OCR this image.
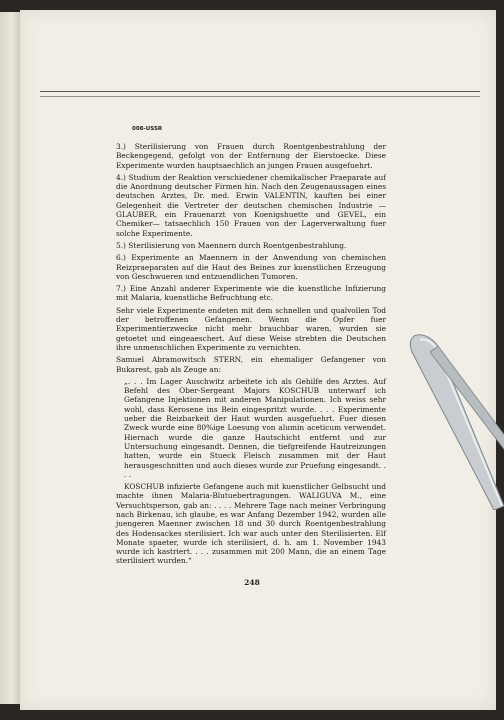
008-USSR

3.) Sterilisierung von Frauen durch Roentgenbestrahlung der Beckengegend, gefolgt von der Entfernung der Eierstoecke. Diese Experimente wurden hauptsaechlich an jungen Frauen ausgefuehrt.

4.) Studium der Reaktion verschiedener chemikalischer Praeparate auf die Anordnung deutscher Firmen hin. Nach den Zeugenaussagen eines deutschen Arztes, Dr. med. Erwin VALENTIN, kauften bei einer Gelegenheit die Vertreter der deutschen chemischen Industrie —GLAUBER, ein Frauenarzt von Koenigshuette und GEVEL, ein Chemiker— tatsaechlich 150 Frauen von der Lagerverwaltung fuer solche Experimente.

5.) Sterilisierung von Maennern durch Roentgenbestrahlung.

6.) Experimente an Maennern in der Anwendung von chemischen Reizpraeparaten auf die Haut des Beines zur kuenstlichen Erzeugung von Geschwueren und entzuendlichen Tumoren.

7.) Eine Anzahl anderer Experimente wie die kuenstliche Infizierung mit Malaria, kuenstliche Befruchtung etc.

Sehr viele Experimente endeten mit dem schnellen und qualvollen Tod der betroffenen Gefangenen. Wenn die Opfer fuer Experimentierzwecke nicht mehr brauchbar waren, wurden sie getoetet und eingeaeschert. Auf diese Weise strebten die Deutschen ihre unmenschlichen Experimente zu vernichten.

Samuel Abramowitsch STERN, ein ehemaliger Gefangener von Bukarest, gab als Zeuge an:

„. . . Im Lager Auschwitz arbeitete ich als Gehilfe des Arztes. Auf Befehl des Ober-Sergeant Majors KOSCHUB unterwarf ich Gefangene Injektionen mit anderen Manipulationen. Ich weiss sehr wohl, dass Kerosene ins Bein eingespritzt wurde. . . . Experimente ueber die Reizbarkeit der Haut wurden ausgefuehrt. Fuer diesen Zweck wurde eine 80%ige Loesung von alumin aceticum verwendet. Hiernach wurde die ganze Hautschicht entfernt und zur Untersuchung eingesandt. Dennen, die tiefgreifende Hautreizungen hatten, wurde ein Stueck Fleisch zusammen mit der Haut herausgeschnitten und auch dieses wurde zur Pruefung eingesandt. . . .

KOSCHUB infizierte Gefangene auch mit kuenstlicher Gelbsucht und machte ihnen Malaria-Blutuebertragungen. WALIGUVA M., eine Versuchtsperson, gab an: . . . . Mehrere Tage nach meiner Verbringung nach Birkenau, ich glaube, es war Anfang Dezember 1942, wurden alle juengeren Maenner zwischen 18 und 30 durch Roentgenbestrahlung des Hodensackes sterilisiert. Ich war auch unter den Sterilisierten. Elf Monate spaeter, wurde ich sterilisiert, d. h. am 1. November 1943 wurde ich kastriert. . . . zusammen mit 200 Mann, die an einem Tage sterilisiert wurden.“

248
